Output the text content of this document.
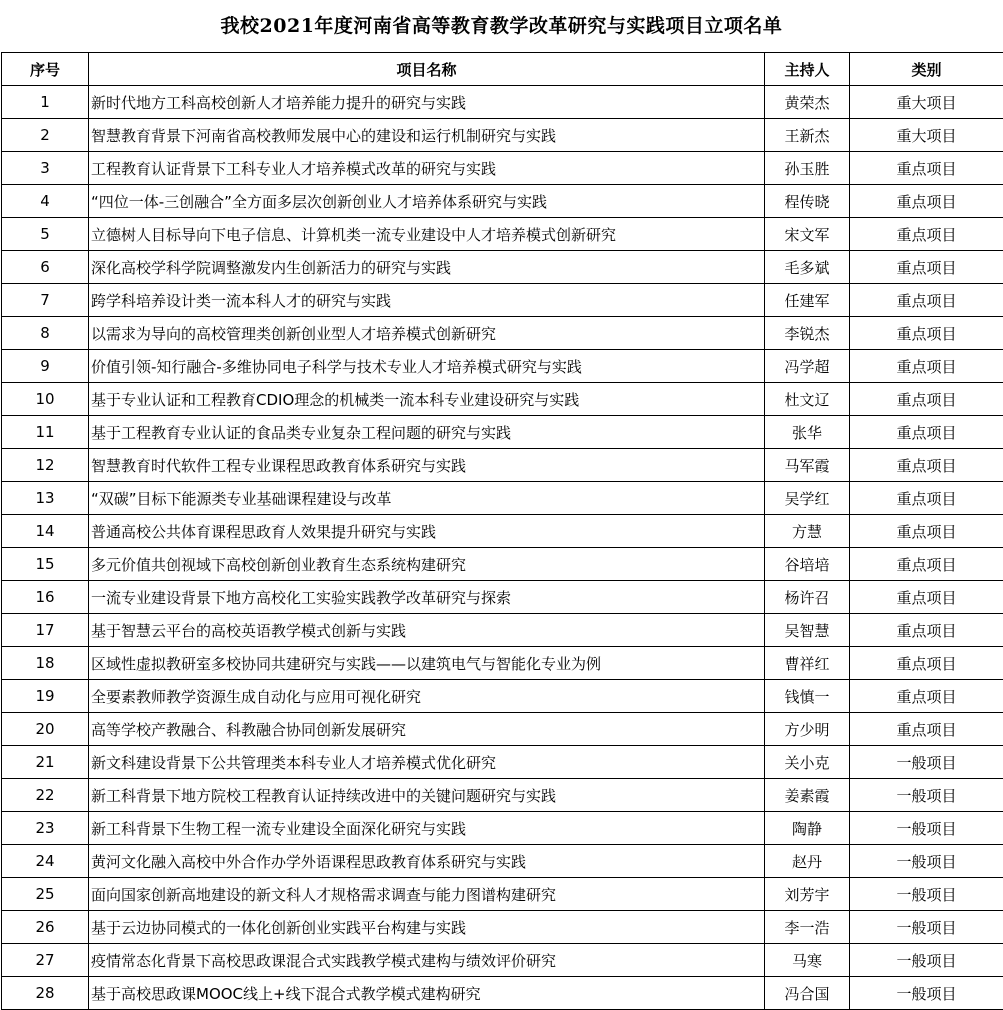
我校2021年度河南省高等教育教学改革研究与实践项目立项名单
序号	项目名称	主持人	类别
1	新时代地方工科高校创新人才培养能力提升的研究与实践	黄荣杰	重大项目
2	智慧教育背景下河南省高校教师发展中心的建设和运行机制研究与实践	王新杰	重大项目
3	工程教育认证背景下工科专业人才培养模式改革的研究与实践	孙玉胜	重点项目
4	“四位一体-三创融合”全方面多层次创新创业人才培养体系研究与实践	程传晓	重点项目
5	立德树人目标导向下电子信息、计算机类一流专业建设中人才培养模式创新研究	宋文军	重点项目
6	深化高校学科学院调整激发内生创新活力的研究与实践	毛多斌	重点项目
7	跨学科培养设计类一流本科人才的研究与实践	任建军	重点项目
8	以需求为导向的高校管理类创新创业型人才培养模式创新研究	李锐杰	重点项目
9	价值引领-知行融合-多维协同电子科学与技术专业人才培养模式研究与实践	冯学超	重点项目
10	基于专业认证和工程教育CDIO理念的机械类一流本科专业建设研究与实践	杜文辽	重点项目
11	基于工程教育专业认证的食品类专业复杂工程问题的研究与实践	张华	重点项目
12	智慧教育时代软件工程专业课程思政教育体系研究与实践	马军霞	重点项目
13	“双碳”目标下能源类专业基础课程建设与改革	吴学红	重点项目
14	普通高校公共体育课程思政育人效果提升研究与实践	方慧	重点项目
15	多元价值共创视域下高校创新创业教育生态系统构建研究	谷培培	重点项目
16	一流专业建设背景下地方高校化工实验实践教学改革研究与探索	杨许召	重点项目
17	基于智慧云平台的高校英语教学模式创新与实践	吴智慧	重点项目
18	区域性虚拟教研室多校协同共建研究与实践——以建筑电气与智能化专业为例	曹祥红	重点项目
19	全要素教师教学资源生成自动化与应用可视化研究	钱慎一	重点项目
20	高等学校产教融合、科教融合协同创新发展研究	方少明	重点项目
21	新文科建设背景下公共管理类本科专业人才培养模式优化研究	关小克	一般项目
22	新工科背景下地方院校工程教育认证持续改进中的关键问题研究与实践	姜素霞	一般项目
23	新工科背景下生物工程一流专业建设全面深化研究与实践	陶静	一般项目
24	黄河文化融入高校中外合作办学外语课程思政教育体系研究与实践	赵丹	一般项目
25	面向国家创新高地建设的新文科人才规格需求调查与能力图谱构建研究	刘芳宇	一般项目
26	基于云边协同模式的一体化创新创业实践平台构建与实践	李一浩	一般项目
27	疫情常态化背景下高校思政课混合式实践教学模式建构与绩效评价研究	马寒	一般项目
28	基于高校思政课MOOC线上+线下混合式教学模式建构研究	冯合国	一般项目
